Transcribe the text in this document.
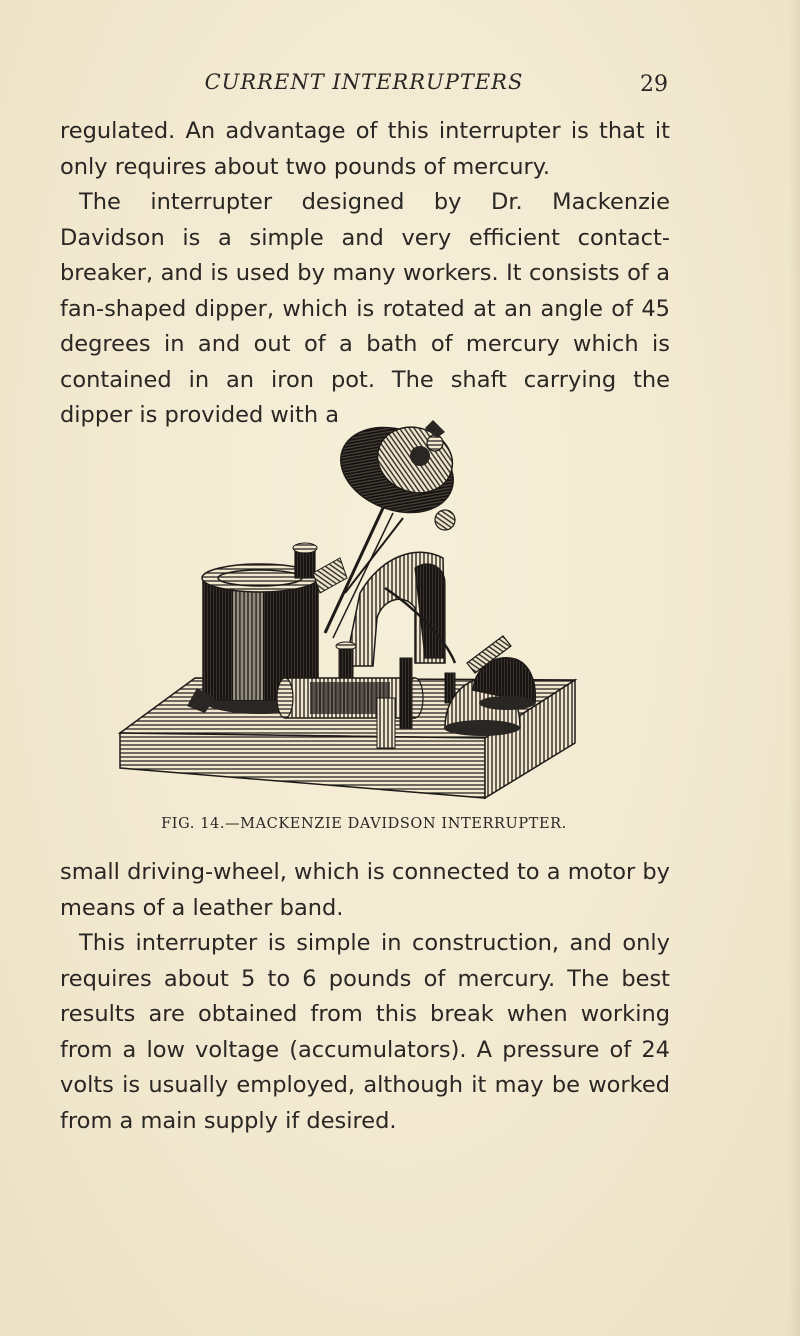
CURRENT INTERRUPTERS	29

regulated. An advantage of this interrupter is that it only requires about two pounds of mercury.

The interrupter designed by Dr. Mackenzie Davidson is a simple and very efficient contact-breaker, and is used by many workers. It consists of a fan-shaped dipper, which is rotated at an angle of 45 degrees in and out of a bath of mercury which is contained in an iron pot. The shaft carrying the dipper is provided with a

FIG. 14.—MACKENZIE DAVIDSON INTERRUPTER.

small driving-wheel, which is connected to a motor by means of a leather band.

This interrupter is simple in construction, and only requires about 5 to 6 pounds of mercury. The best results are obtained from this break when working from a low voltage (accumulators). A pressure of 24 volts is usually employed, although it may be worked from a main supply if desired.
